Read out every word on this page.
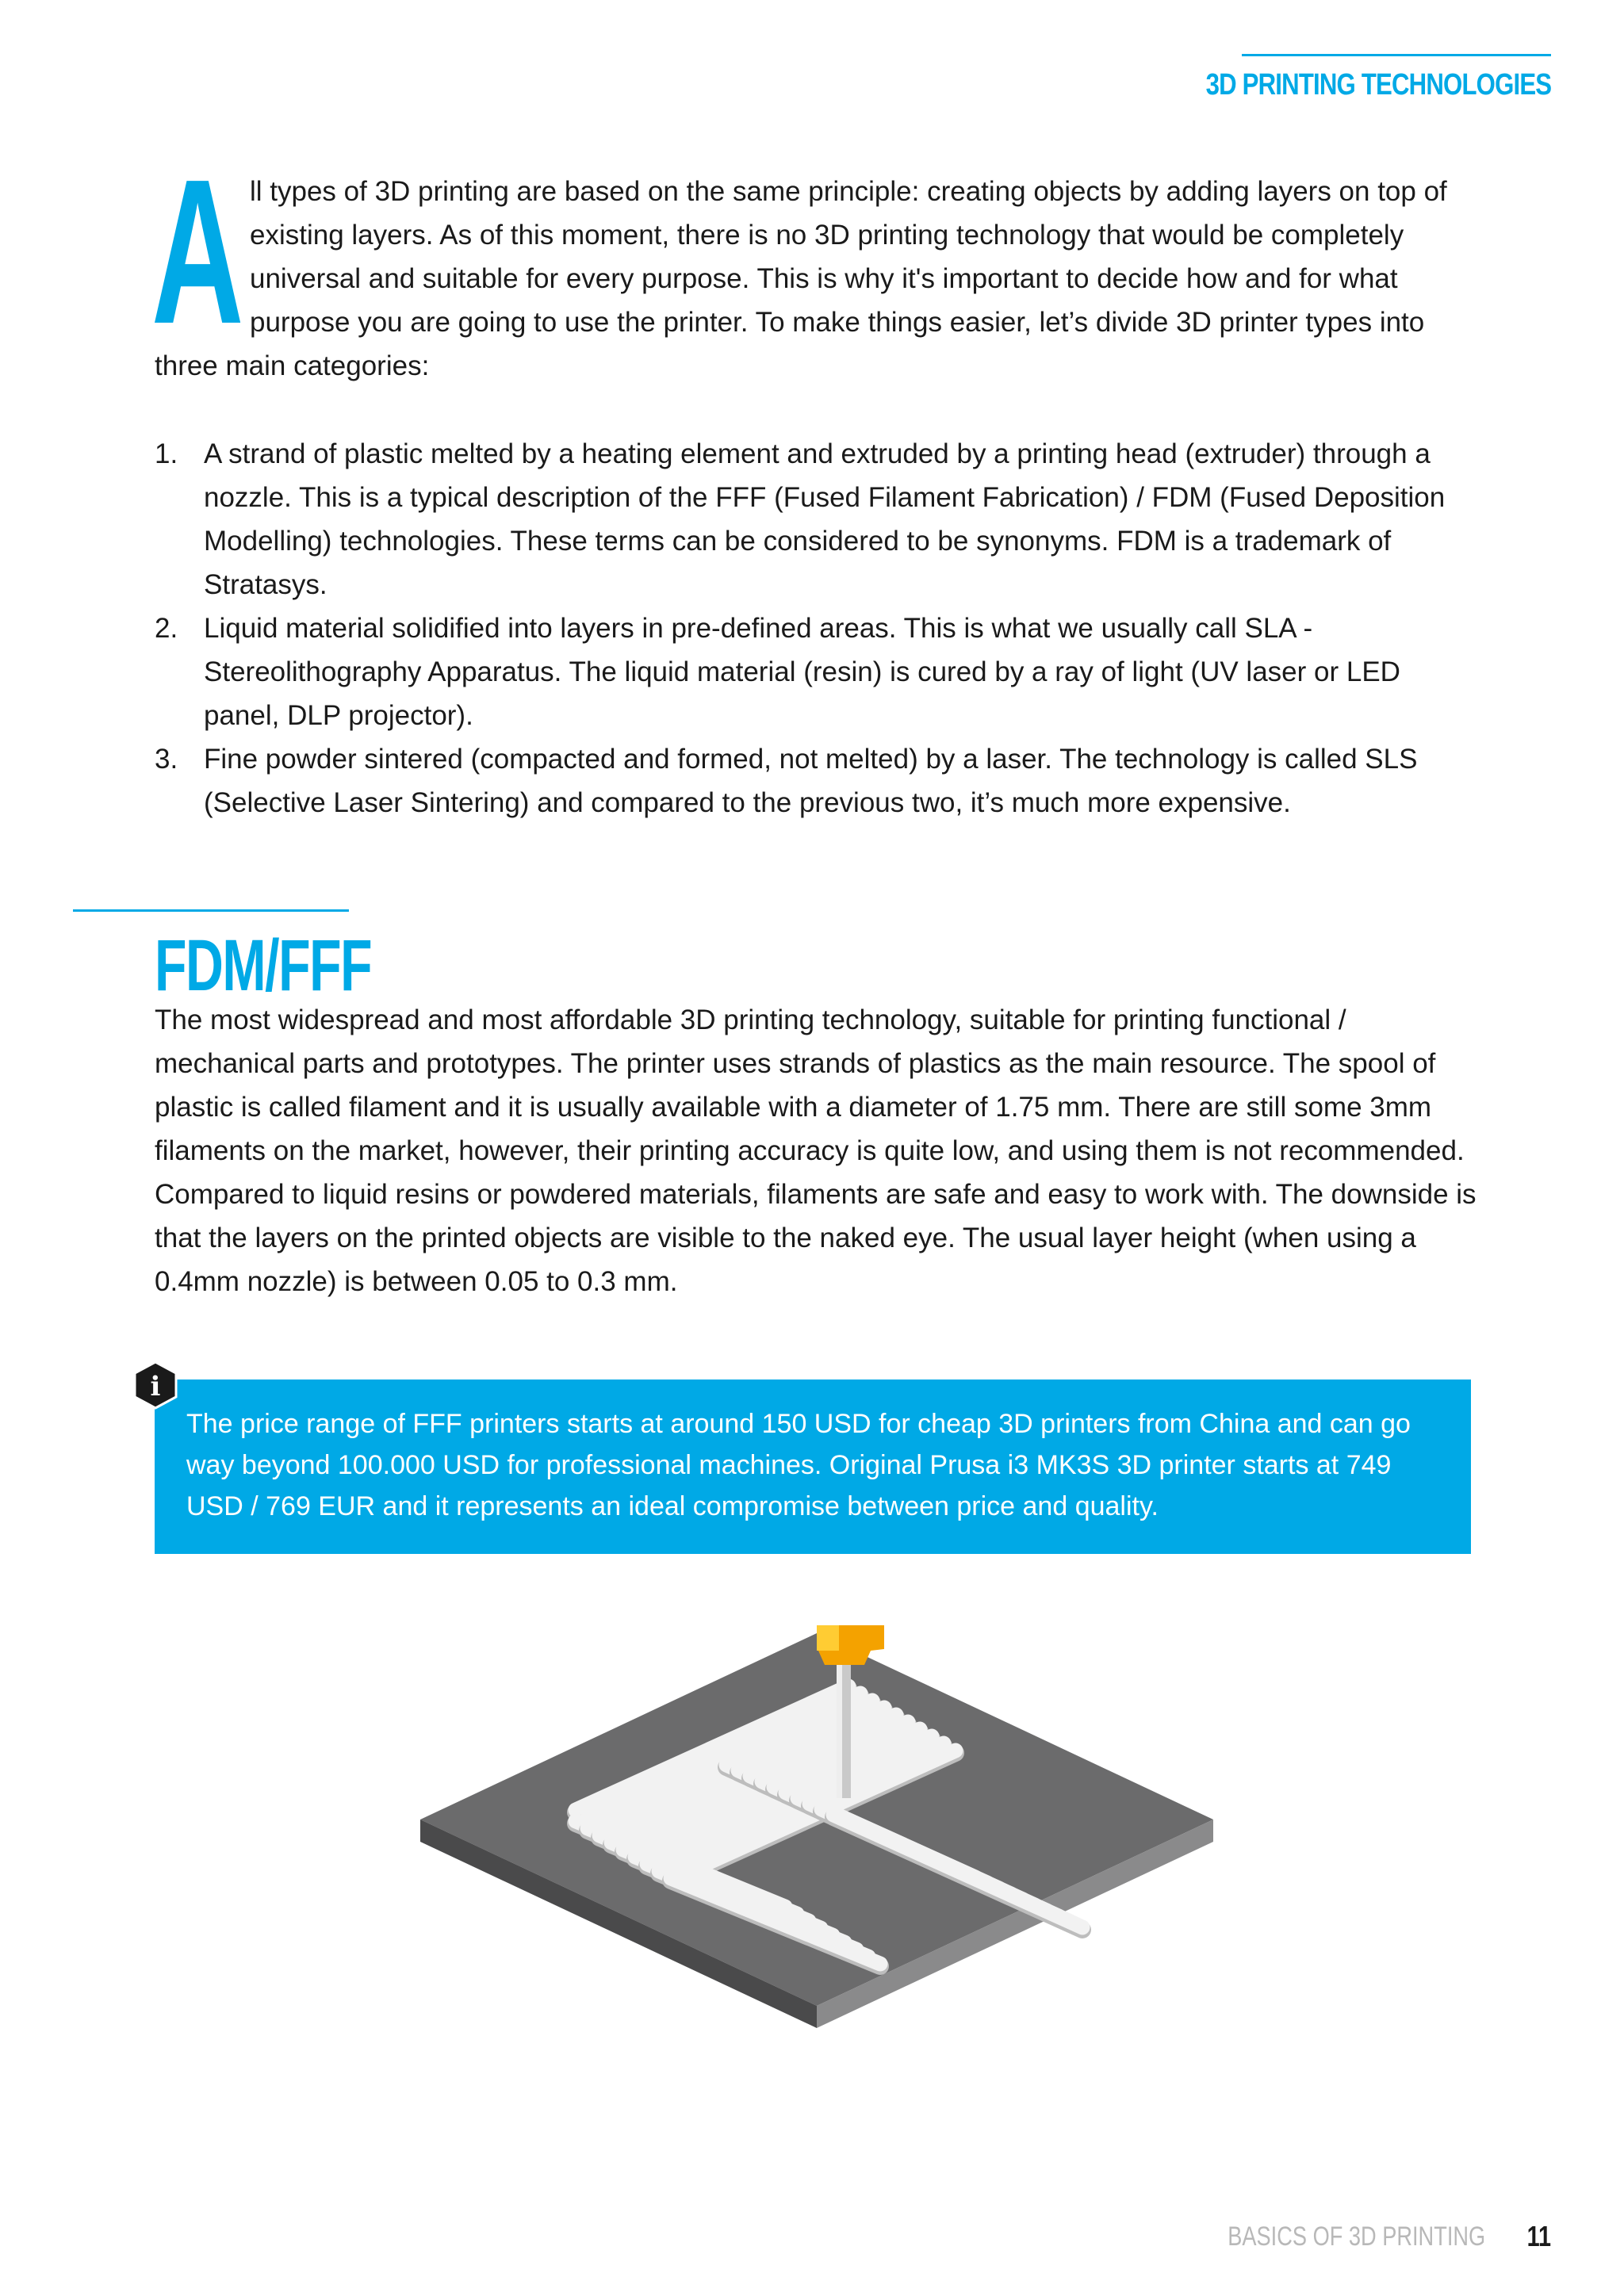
3D PRINTING TECHNOLOGIES
A ll types of 3D printing are based on the same principle: creating objects by adding layers on top of existing layers. As of this moment, there is no 3D printing technology that would be completely universal and suitable for every purpose. This is why it's important to decide how and for what purpose you are going to use the printer. To make things easier, let’s divide 3D printer types into three main categories:

1. A strand of plastic melted by a heating element and extruded by a printing head (extruder) through a nozzle. This is a typical description of the FFF (Fused Filament Fabrication) / FDM (Fused Deposition Modelling) technologies. These terms can be considered to be synonyms. FDM is a trademark of Stratasys.
2. Liquid material solidified into layers in pre-defined areas. This is what we usually call SLA - Stereolithography Apparatus. The liquid material (resin) is cured by a ray of light (UV laser or LED panel, DLP projector).
3. Fine powder sintered (compacted and formed, not melted) by a laser. The technology is called SLS (Selective Laser Sintering) and compared to the previous two, it’s much more expensive.
FDM/FFF

The most widespread and most affordable 3D printing technology, suitable for printing functional / mechanical parts and prototypes. The printer uses strands of plastics as the main resource. The spool of plastic is called filament and it is usually available with a diameter of 1.75 mm. There are still some 3mm filaments on the market, however, their printing accuracy is quite low, and using them is not recommended. Compared to liquid resins or powdered materials, filaments are safe and easy to work with. The downside is that the layers on the printed objects are visible to the naked eye. The usual layer height (when using a 0.4mm nozzle) is between 0.05 to 0.3 mm.

The price range of FFF printers starts at around 150 USD for cheap 3D printers from China and can go way beyond 100.000 USD for professional machines. Original Prusa i3 MK3S 3D printer starts at 749 USD / 769 EUR and it represents an ideal compromise between price and quality.

i
BASICS OF 3D PRINTING 11
